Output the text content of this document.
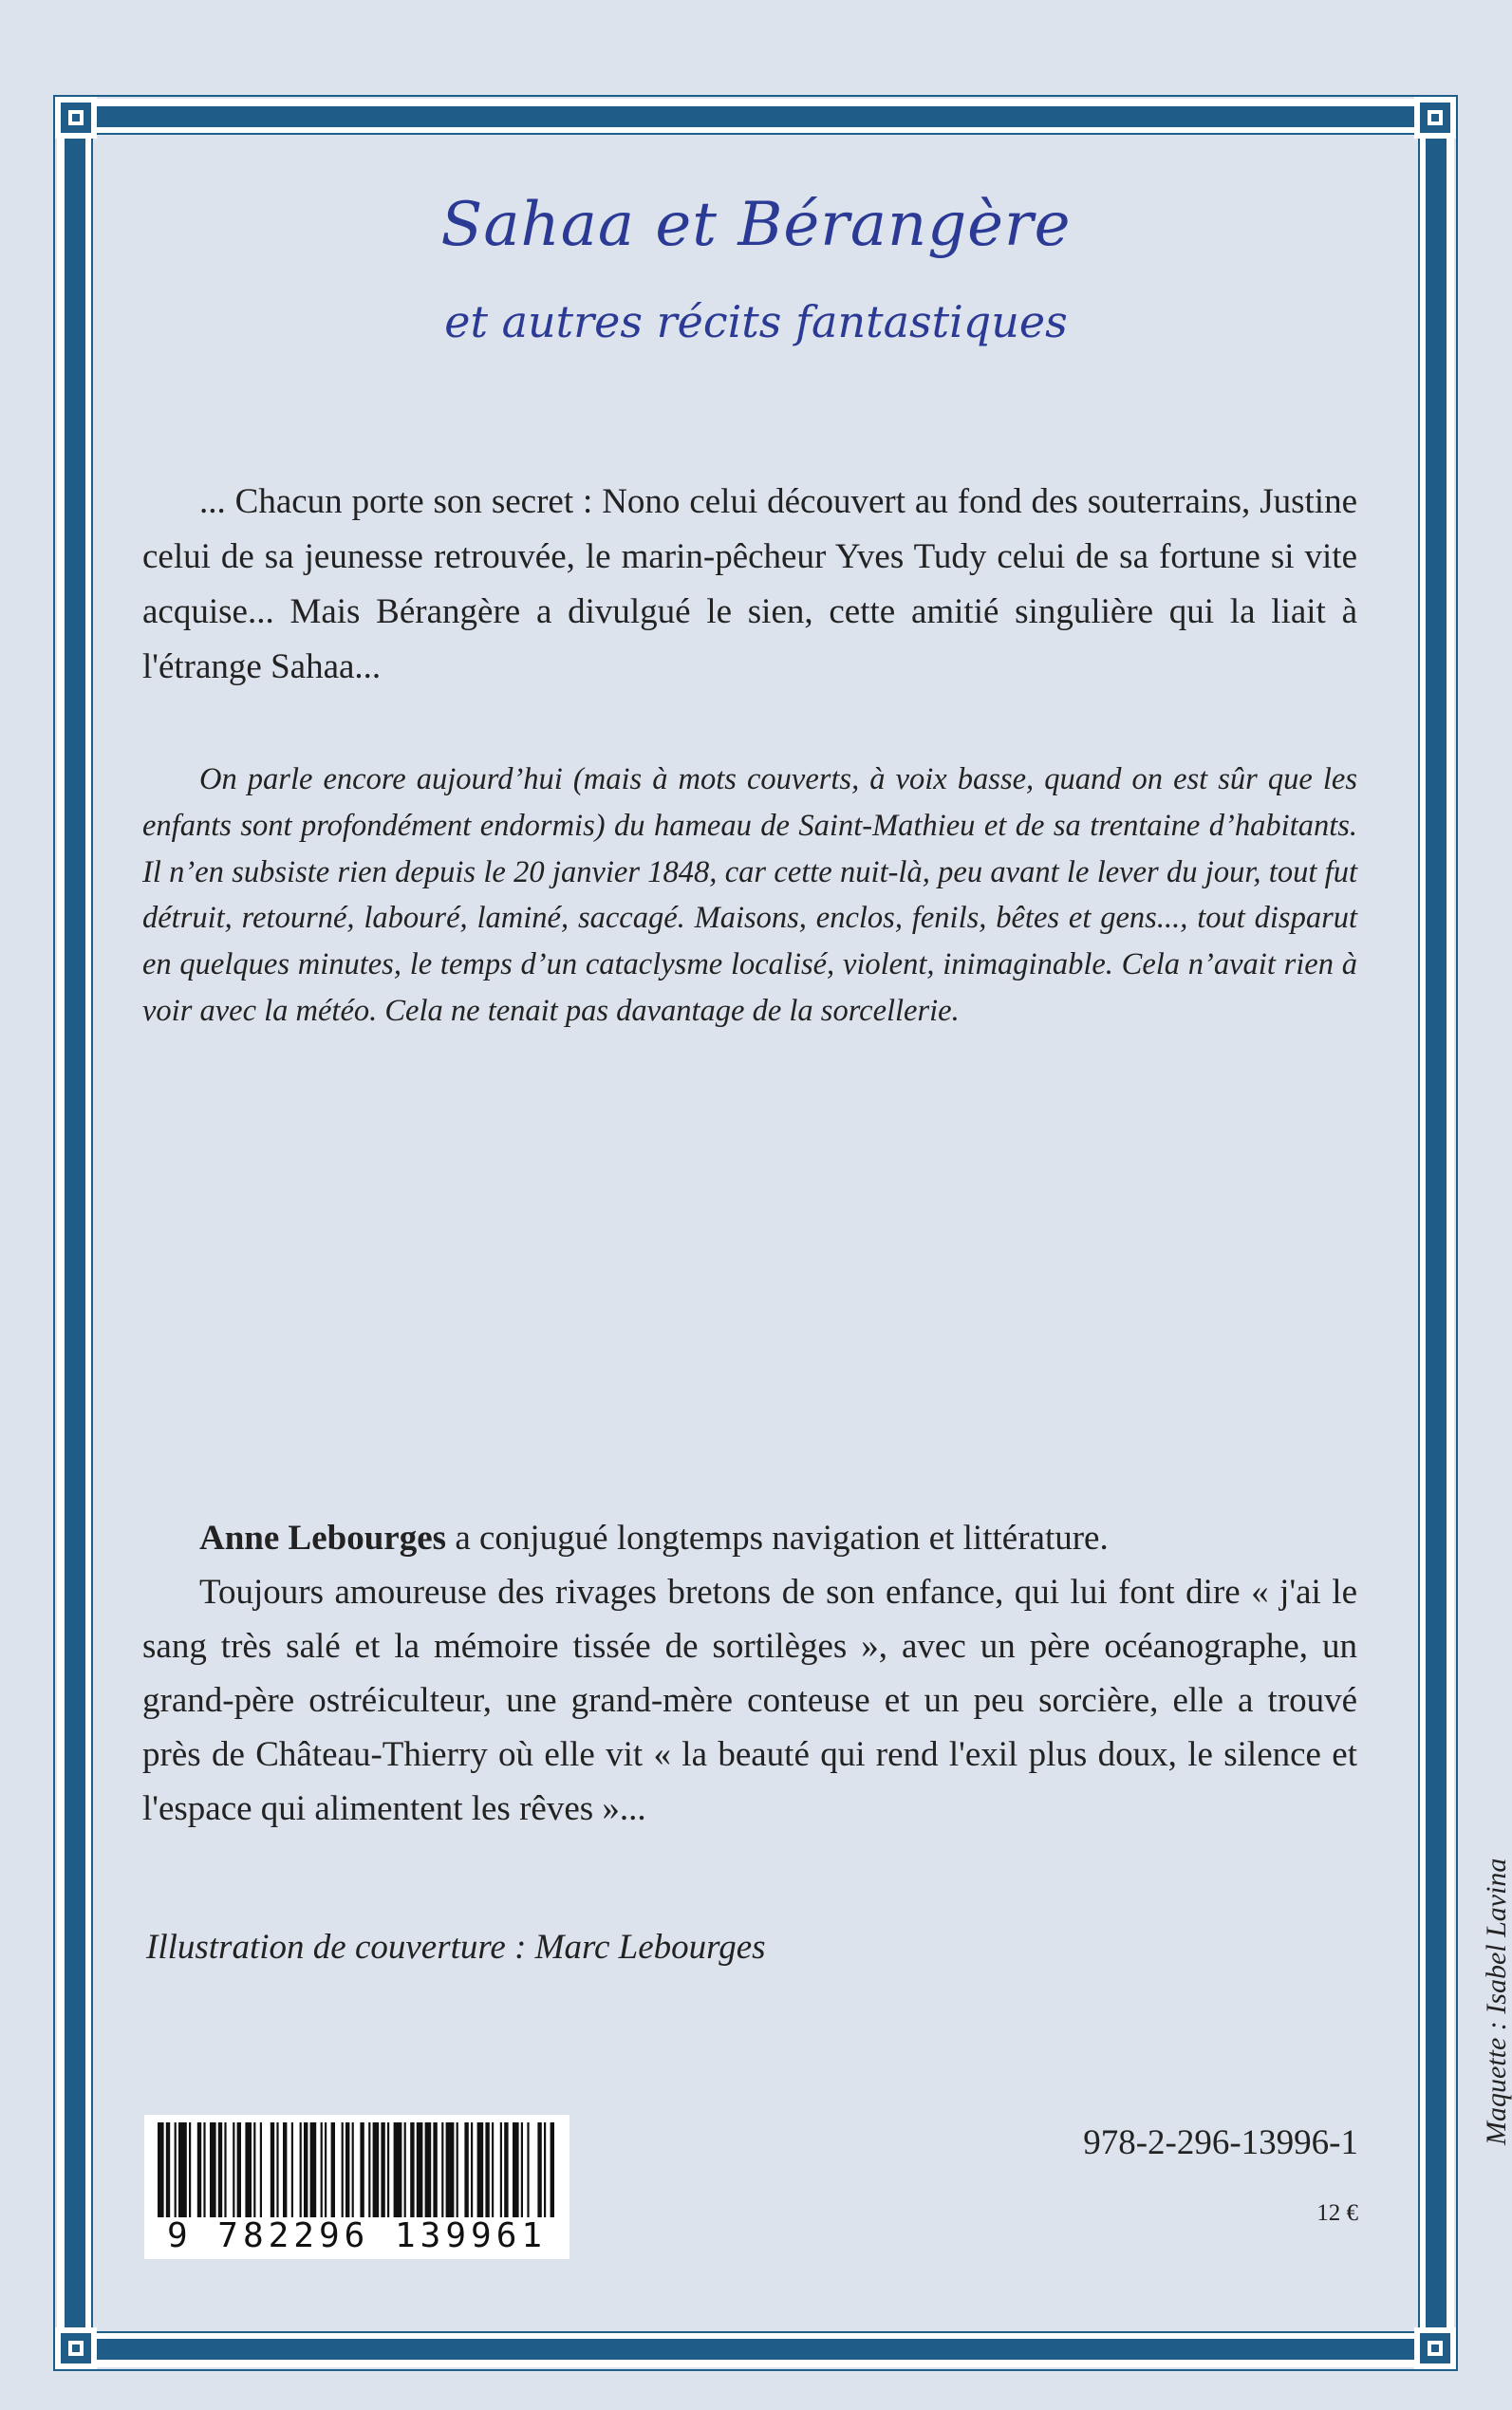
Sahaa et Bérangère
et autres récits fantastiques
... Chacun porte son secret : Nono celui découvert au fond des souterrains, Justine celui de sa jeunesse retrouvée, le marin-pêcheur Yves Tudy celui de sa fortune si vite acquise... Mais Bérangère a divulgué le sien, cette amitié singulière qui la liait à l'étrange Sahaa...
On parle encore aujourd’hui (mais à mots couverts, à voix basse, quand on est sûr que les enfants sont profondément endormis) du hameau de Saint-Mathieu et de sa trentaine d’habitants. Il n’en subsiste rien depuis le 20 janvier 1848, car cette nuit-là, peu avant le lever du jour, tout fut détruit, retourné, labouré, laminé, saccagé. Maisons, enclos, fenils, bêtes et gens..., tout disparut en quelques minutes, le temps d’un cataclysme localisé, violent, inimaginable. Cela n’avait rien à voir avec la météo. Cela ne tenait pas davantage de la sorcellerie.
Anne Lebourges a conjugué longtemps navigation et littérature.
Toujours amoureuse des rivages bretons de son enfance, qui lui font dire « j'ai le sang très salé et la mémoire tissée de sortilèges », avec un père océanographe, un grand-père ostréiculteur, une grand-mère conteuse et un peu sorcière, elle a trouvé près de Château-Thierry où elle vit « la beauté qui rend l'exil plus doux, le silence et l'espace qui alimentent les rêves »...
Illustration de couverture : Marc Lebourges
9 782296 139961
978-2-296-13996-1
12 €
Maquette : Isabel Lavina
